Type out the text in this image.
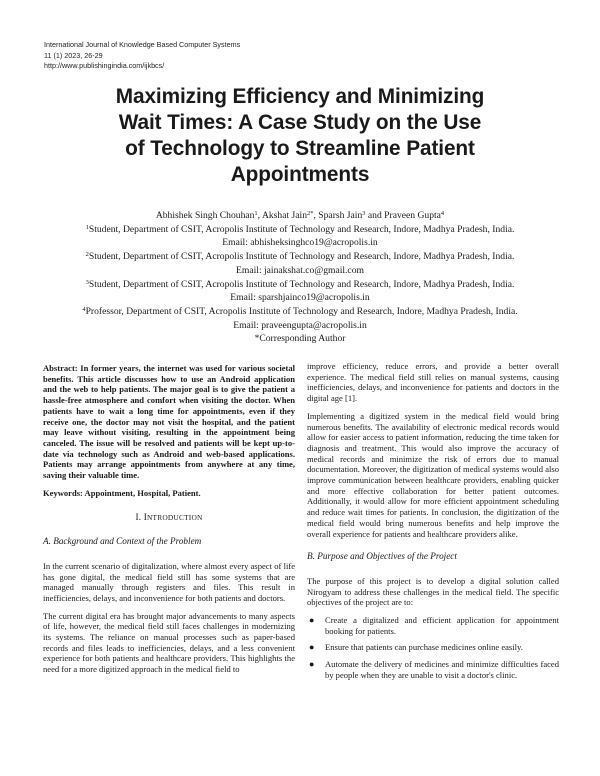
International Journal of Knowledge Based Computer Systems
11 (1) 2023, 26-29
http://www.publishingindia.com/ijkbcs/
Maximizing Efficiency and Minimizing
Wait Times: A Case Study on the Use
of Technology to Streamline Patient
Appointments
Abhishek Singh Chouhan$^1$, Akshat Jain$^{2*}$, Sparsh Jain$^3$ and Praveen Gupta$^4$
$^1$Student, Department of CSIT, Acropolis Institute of Technology and Research, Indore, Madhya Pradesh, India.
Email: abhisheksinghco19@acropolis.in
$^2$Student, Department of CSIT, Acropolis Institute of Technology and Research, Indore, Madhya Pradesh, India.
Email: jainakshat.co@gmail.com
$^3$Student, Department of CSIT, Acropolis Institute of Technology and Research, Indore, Madhya Pradesh, India.
Email: sparshjainco19@acropolis.in
$^4$Professor, Department of CSIT, Acropolis Institute of Technology and Research, Indore, Madhya Pradesh, India.
Email: praveengupta@acropolis.in
*Corresponding Author

Abstract: In former years, the internet was used for various societal benefits. This article discusses how to use an Android application and the web to help patients. The major goal is to give the patient a hassle-free atmosphere and comfort when visiting the doctor. When patients have to wait a long time for appointments, even if they receive one, the doctor may not visit the hospital, and the patient may leave without visiting, resulting in the appointment being canceled. The issue will be resolved and patients will be kept up-to-date via technology such as Android and web-based applications. Patients may arrange appointments from anywhere at any time, saving their valuable time.

Keywords: Appointment, Hospital, Patient.

I. INTRODUCTION
A. Background and Context of the Problem

In the current scenario of digitalization, where almost every aspect of life has gone digital, the medical field still has some systems that are managed manually through registers and files. This result in inefficiencies, delays, and inconvenience for both patients and doctors.

The current digital era has brought major advancements to many aspects of life, however, the medical field still faces challenges in modernizing its systems. The reliance on manual processes such as paper-based records and files leads to inefficiencies, delays, and a less convenient experience for both patients and healthcare providers. This highlights the need for a more digitized approach in the medical field to

improve efficiency, reduce errors, and provide a better overall experience. The medical field still relies on manual systems, causing inefficiencies, delays, and inconvenience for patients and doctors in the digital age [1].

Implementing a digitized system in the medical field would bring numerous benefits. The availability of electronic medical records would allow for easier access to patient information, reducing the time taken for diagnosis and treatment. This would also improve the accuracy of medical records and minimize the risk of errors due to manual documentation. Moreover, the digitization of medical systems would also improve communication between healthcare providers, enabling quicker and more effective collaboration for better patient outcomes. Additionally, it would allow for more efficient appointment scheduling and reduce wait times for patients. In conclusion, the digitization of the medical field would bring numerous benefits and help improve the overall experience for patients and healthcare providers alike.

B. Purpose and Objectives of the Project

The purpose of this project is to develop a digital solution called Nirogyam to address these challenges in the medical field. The specific objectives of the project are to:

● Create a digitalized and efficient application for appointment booking for patients.
● Ensure that patients can purchase medicines online easily.
● Automate the delivery of medicines and minimize difficulties faced by people when they are unable to visit a doctor's clinic.
